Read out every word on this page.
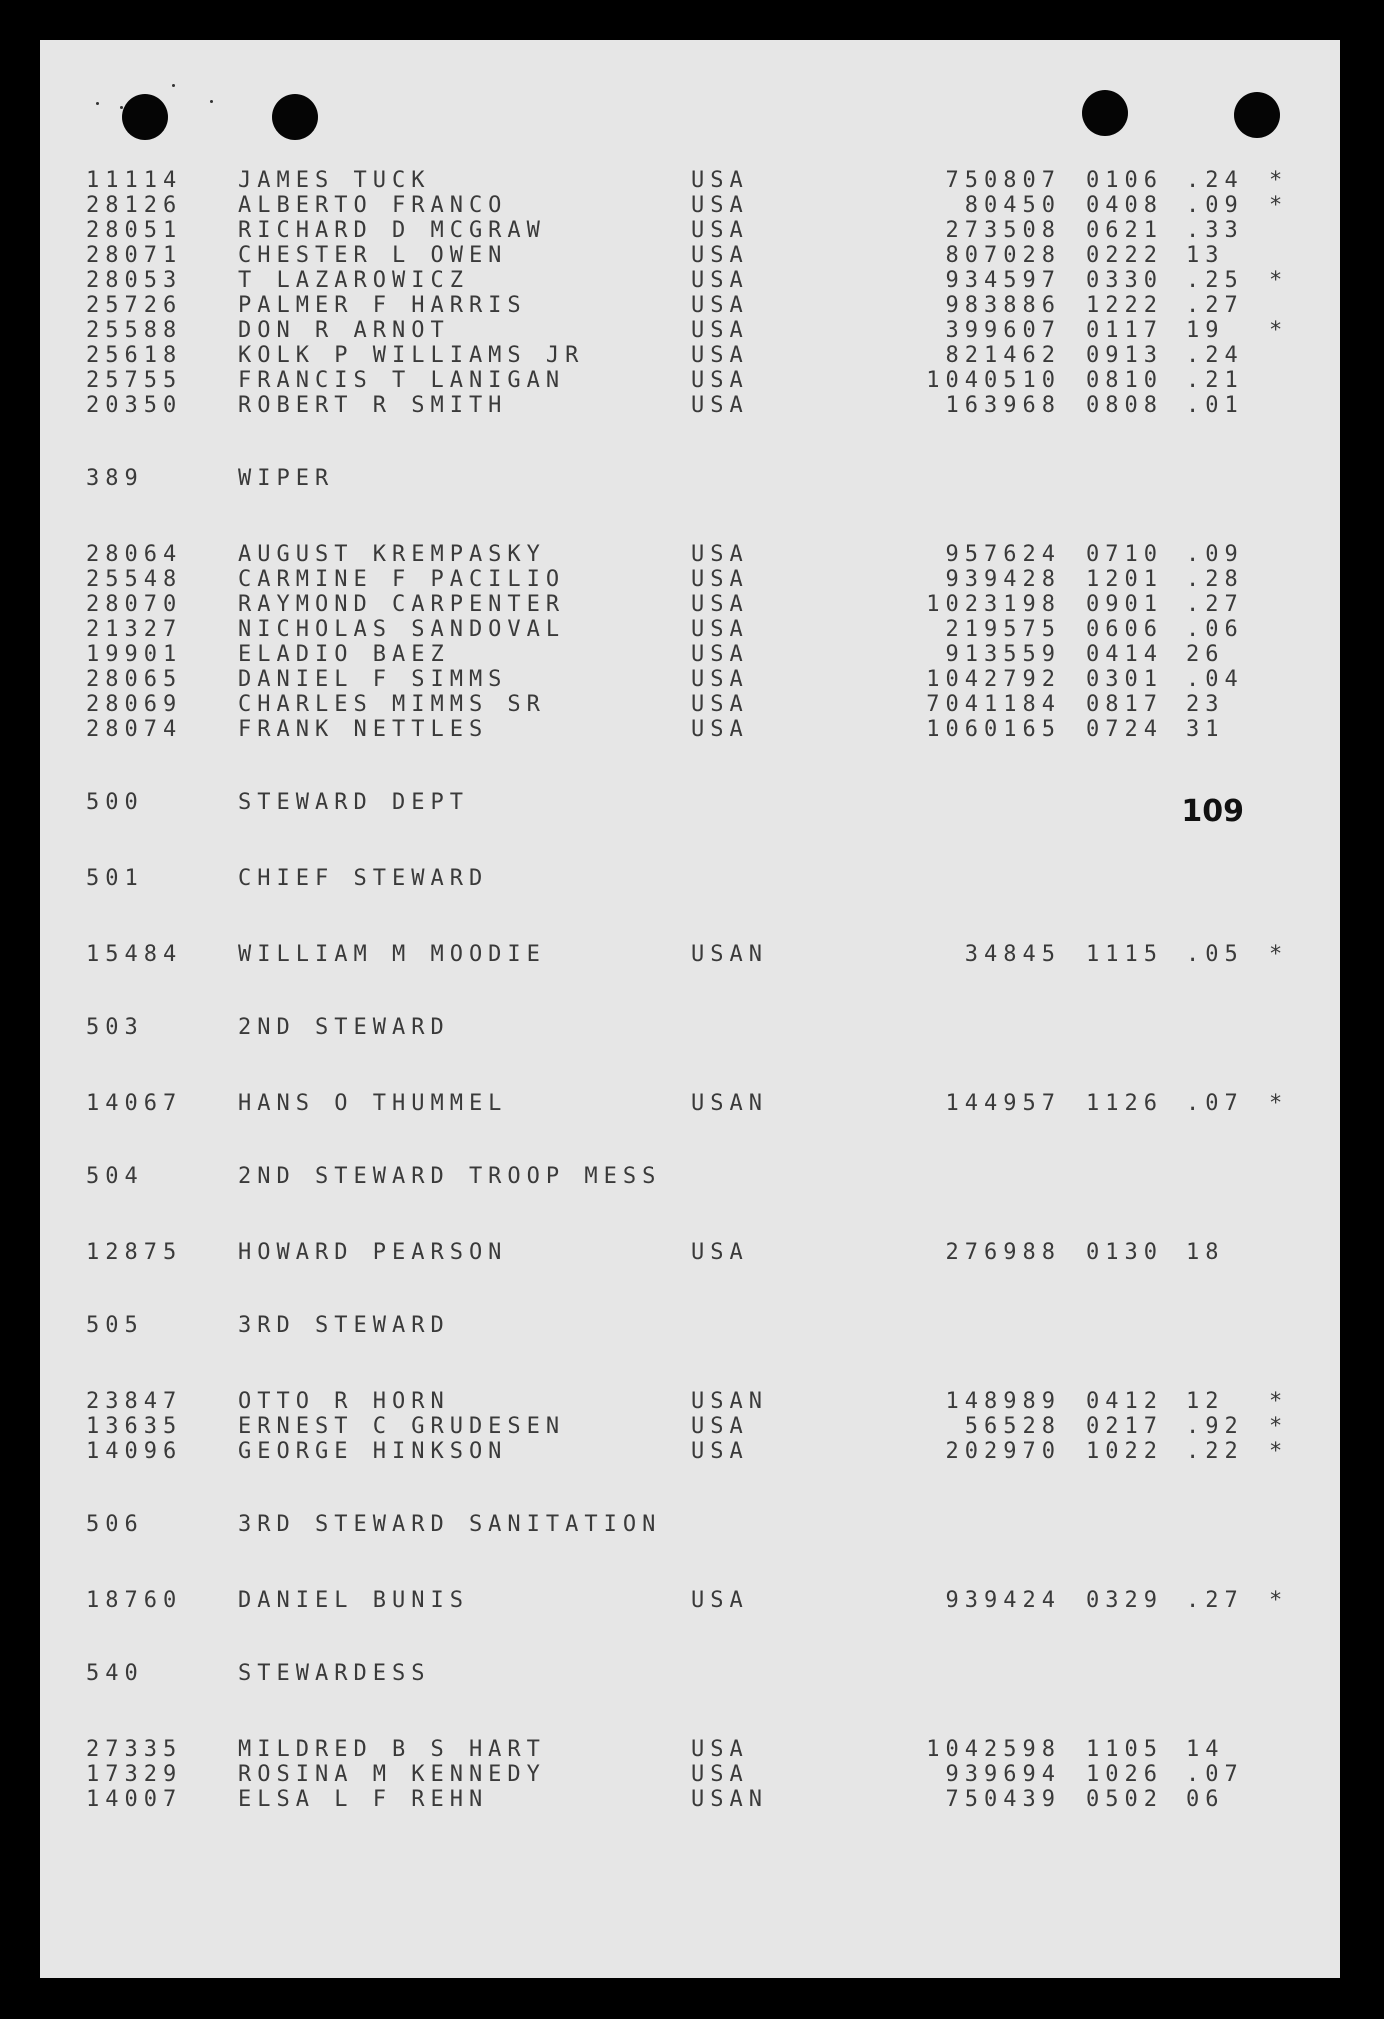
109
11114	JAMES TUCK	USA	750807 0106 .24 *
28126	ALBERTO FRANCO	USA	80450 0408 .09 *
28051	RICHARD D MCGRAW	USA	273508 0621 .33
28071	CHESTER L OWEN	USA	807028 0222 13
28053	T LAZAROWICZ	USA	934597 0330 .25 *
25726	PALMER F HARRIS	USA	983886 1222 .27
25588	DON R ARNOT	USA	399607 0117 19 *
25618	KOLK P WILLIAMS JR	USA	821462 0913 .24
25755	FRANCIS T LANIGAN	USA	1040510 0810 .21
20350	ROBERT R SMITH	USA	163968 0808 .01
389	WIPER
28064	AUGUST KREMPASKY	USA	957624 0710 .09
25548	CARMINE F PACILIO	USA	939428 1201 .28
28070	RAYMOND CARPENTER	USA	1023198 0901 .27
21327	NICHOLAS SANDOVAL	USA	219575 0606 .06
19901	ELADIO BAEZ	USA	913559 0414 26
28065	DANIEL F SIMMS	USA	1042792 0301 .04
28069	CHARLES MIMMS SR	USA	7041184 0817 23
28074	FRANK NETTLES	USA	1060165 0724 31
500	STEWARD DEPT
501	CHIEF STEWARD
15484	WILLIAM M MOODIE	USAN	34845 1115 .05 *
503	2ND STEWARD
14067	HANS O THUMMEL	USAN	144957 1126 .07 *
504	2ND STEWARD TROOP MESS
12875	HOWARD PEARSON	USA	276988 0130 18
505	3RD STEWARD
23847	OTTO R HORN	USAN	148989 0412 12 *
13635	ERNEST C GRUDESEN	USA	56528 0217 .92 *
14096	GEORGE HINKSON	USA	202970 1022 .22 *
506	3RD STEWARD SANITATION
18760	DANIEL BUNIS	USA	939424 0329 .27 *
540	STEWARDESS
27335	MILDRED B S HART	USA	1042598 1105 14
17329	ROSINA M KENNEDY	USA	939694 1026 .07
14007	ELSA L F REHN	USAN	750439 0502 06
